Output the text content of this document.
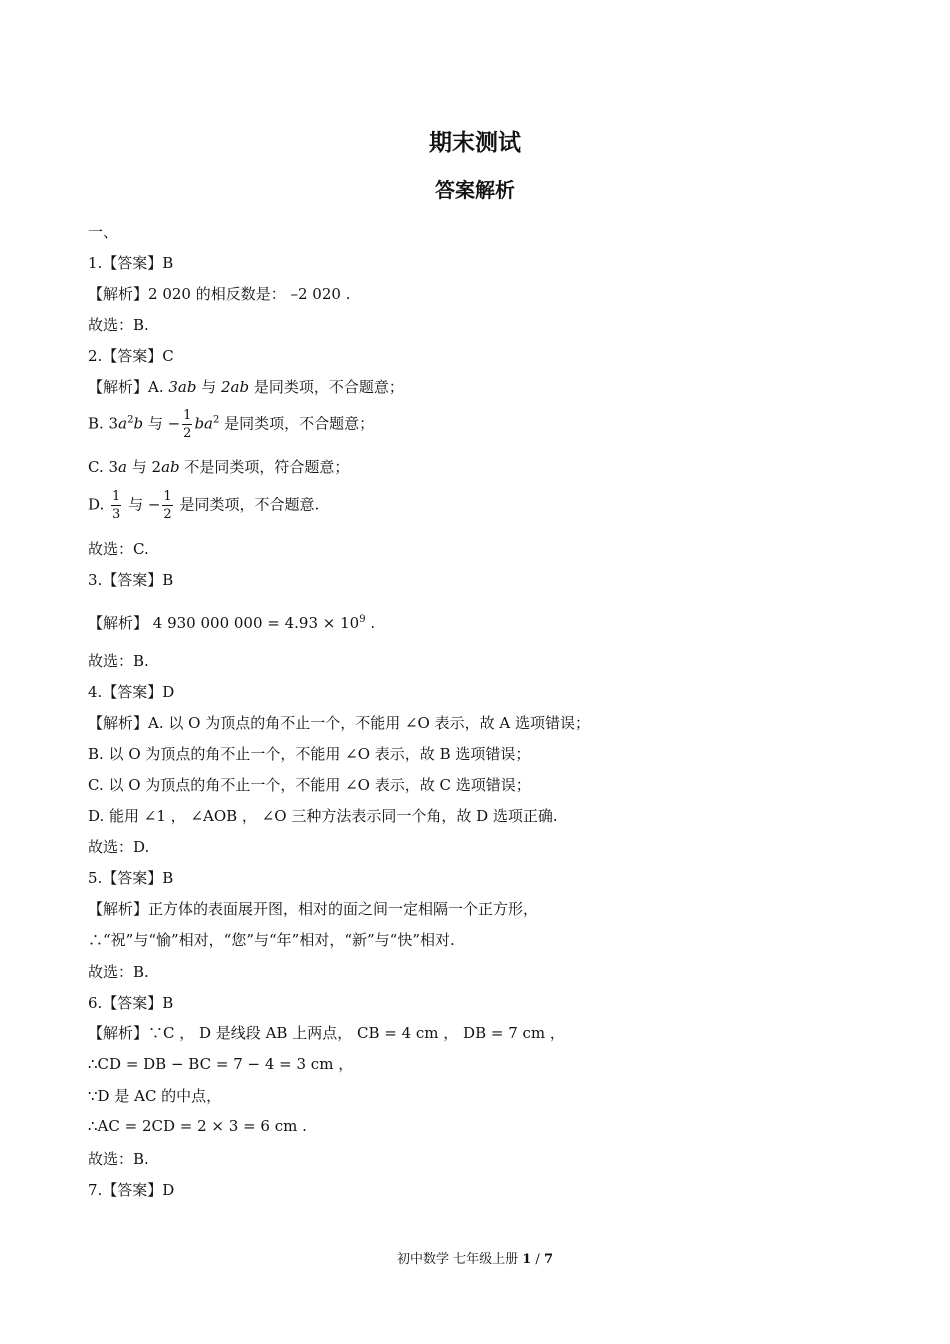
期末测试
答案解析
一、
1.【答案】B
【解析】2 020 的相反数是： –2 020 .
故选：B.
2.【答案】C
【解析】A. 3ab 与 2ab 是同类项，不合题意；
B. $3a^2b$ 与 − $\frac{1}{2} ba^2$ 是同类项，不合题意；
C. 3a 与 2ab 不是同类项，符合题意；
D. $\frac{1}{3}$ 与 − $\frac{1}{2}$ 是同类项，不合题意.
故选：C.
3.【答案】B
【解析】 4 930 000 $000 = 4.93 \times 10^9$ .
故选：B.
4.【答案】D
【解析】A. 以 O 为顶点的角不止一个，不能用 ∠O 表示，故 A 选项错误；
B. 以 O 为顶点的角不止一个，不能用 ∠O 表示，故 B 选项错误；
C. 以 O 为顶点的角不止一个，不能用 ∠O 表示，故 C 选项错误；
D. 能用 ∠1 ， ∠AOB ， ∠O 三种方法表示同一个角，故 D 选项正确.
故选：D.
5.【答案】B
【解析】正方体的表面展开图，相对的面之间一定相隔一个正方形，
∴“祝”与“愉”相对，“您”与“年”相对，“新”与“快”相对.
故选：B.
6.【答案】B
【解析】∵C ， D 是线段 AB 上两点， CB = 4 cm ， DB = 7 cm ，
∴CD = DB − BC = 7 − 4 = 3 cm ，
∵D 是 AC 的中点，
∴AC = 2CD = 2 × 3 = 6 cm .
故选：B.
7.【答案】D
初中数学 七年级上册 1 / 7
